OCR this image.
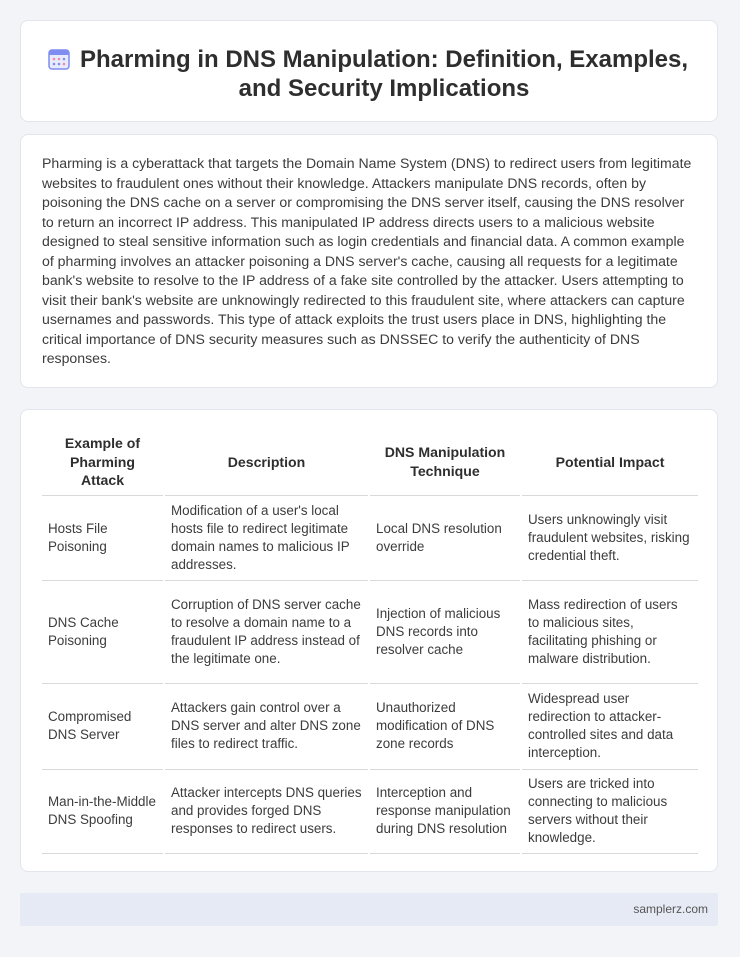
Pharming in DNS Manipulation: Definition, Examples, and Security Implications

Pharming is a cyberattack that targets the Domain Name System (DNS) to redirect users from legitimate websites to fraudulent ones without their knowledge. Attackers manipulate DNS records, often by poisoning the DNS cache on a server or compromising the DNS server itself, causing the DNS resolver to return an incorrect IP address. This manipulated IP address directs users to a malicious website designed to steal sensitive information such as login credentials and financial data. A common example of pharming involves an attacker poisoning a DNS server's cache, causing all requests for a legitimate bank's website to resolve to the IP address of a fake site controlled by the attacker. Users attempting to visit their bank's website are unknowingly redirected to this fraudulent site, where attackers can capture usernames and passwords. This type of attack exploits the trust users place in DNS, highlighting the critical importance of DNS security measures such as DNSSEC to verify the authenticity of DNS responses.

Example of Pharming Attack	Description	DNS Manipulation Technique	Potential Impact
Hosts File Poisoning	Modification of a user's local hosts file to redirect legitimate domain names to malicious IP addresses.	Local DNS resolution override	Users unknowingly visit fraudulent websites, risking credential theft.
DNS Cache Poisoning	Corruption of DNS server cache to resolve a domain name to a fraudulent IP address instead of the legitimate one.	Injection of malicious DNS records into resolver cache	Mass redirection of users to malicious sites, facilitating phishing or malware distribution.
Compromised DNS Server	Attackers gain control over a DNS server and alter DNS zone files to redirect traffic.	Unauthorized modification of DNS zone records	Widespread user redirection to attacker-controlled sites and data interception.
Man-in-the-Middle DNS Spoofing	Attacker intercepts DNS queries and provides forged DNS responses to redirect users.	Interception and response manipulation during DNS resolution	Users are tricked into connecting to malicious servers without their knowledge.
samplerz.com
